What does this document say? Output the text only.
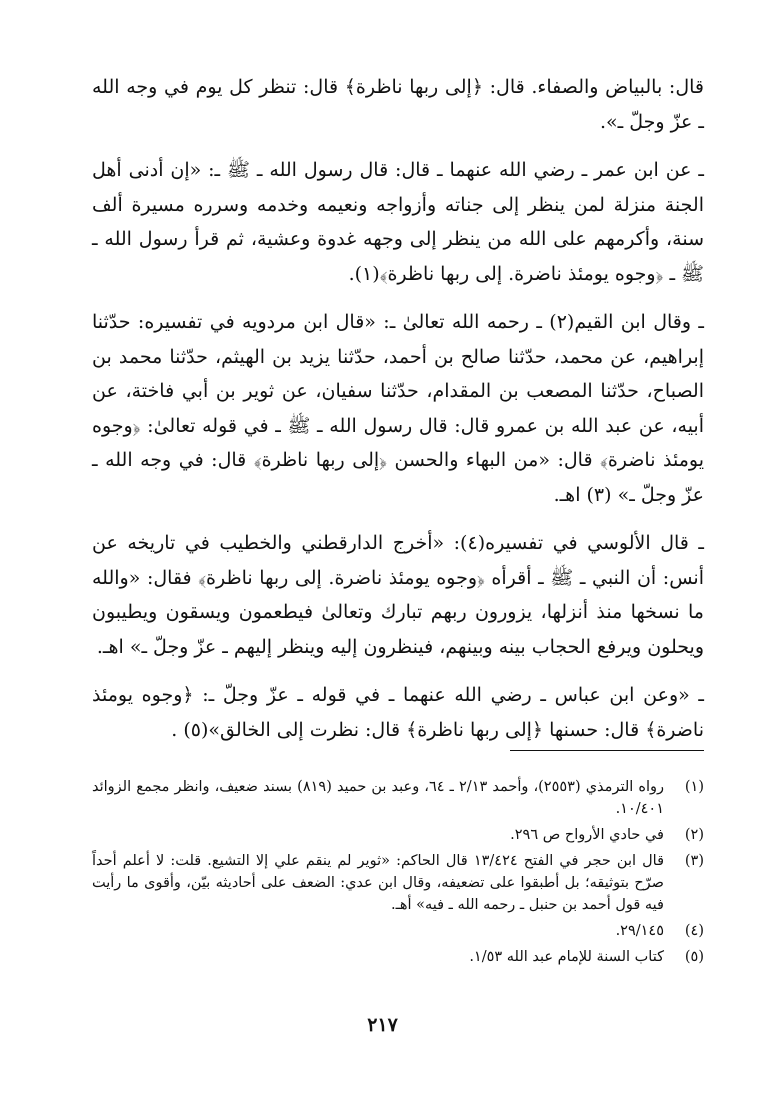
قال: بالبياض والصفاء. قال: ﴿إلى ربها ناظرة﴾ قال: تنظر كل يوم في وجه الله ـ عزّ وجلّ ـ».

ـ عن ابن عمر ـ رضي الله عنهما ـ قال: قال رسول الله ـ ﷺ ـ: «إن أدنى أهل الجنة منزلة لمن ينظر إلى جناته وأزواجه ونعيمه وخدمه وسرره مسيرة ألف سنة، وأكرمهم على الله من ينظر إلى وجهه غدوة وعشية، ثم قرأ رسول الله ـ ﷺ ـ ﴿وجوه يومئذ ناضرة. إلى ربها ناظرة﴾(١).

ـ وقال ابن القيم(٢) ـ رحمه الله تعالىٰ ـ: «قال ابن مردويه في تفسيره: حدّثنا إبراهيم، عن محمد، حدّثنا صالح بن أحمد، حدّثنا يزيد بن الهيثم، حدّثنا محمد بن الصباح، حدّثنا المصعب بن المقدام، حدّثنا سفيان، عن ثوير بن أبي فاختة، عن أبيه، عن عبد الله بن عمرو قال: قال رسول الله ـ ﷺ ـ في قوله تعالىٰ: ﴿وجوه يومئذ ناضرة﴾ قال: «من البهاء والحسن ﴿إلى ربها ناظرة﴾ قال: في وجه الله ـ عزّ وجلّ ـ» (٣) اهـ.

ـ قال الألوسي في تفسيره(٤): «أخرج الدارقطني والخطيب في تاريخه عن أنس: أن النبي ـ ﷺ ـ أقرأه ﴿وجوه يومئذ ناضرة. إلى ربها ناظرة﴾ فقال: «والله ما نسخها منذ أنزلها، يزورون ربهم تبارك وتعالىٰ فيطعمون ويسقون ويطيبون ويحلون ويرفع الحجاب بينه وبينهم، فينظرون إليه وينظر إليهم ـ عزّ وجلّ ـ» اهـ.

ـ «وعن ابن عباس ـ رضي الله عنهما ـ في قوله ـ عزّ وجلّ ـ: ﴿وجوه يومئذ ناضرة﴾ قال: حسنها ﴿إلى ربها ناظرة﴾ قال: نظرت إلى الخالق»(٥) .

(١)
رواه الترمذي (٢٥٥٣)، وأحمد ٢/١٣ ـ ٦٤، وعبد بن حميد (٨١٩) بسند ضعيف، وانظر مجمع الزوائد ١٠/٤٠١.
(٢)
في حادي الأرواح ص ٢٩٦.
(٣)
قال ابن حجر في الفتح ١٣/٤٢٤ قال الحاكم: «ثوير لم ينقم علي إلا التشيع. قلت: لا أعلم أحداً صرّح بتوثيقه؛ بل أطبقوا على تضعيفه، وقال ابن عدي: الضعف على أحاديثه بيّن، وأقوى ما رأيت فيه قول أحمد بن حنبل ـ رحمه الله ـ فيه» أهـ.
(٤)
٢٩/١٤٥.
(٥)
كتاب السنة للإمام عبد الله ١/٥٣.
٢١٧
